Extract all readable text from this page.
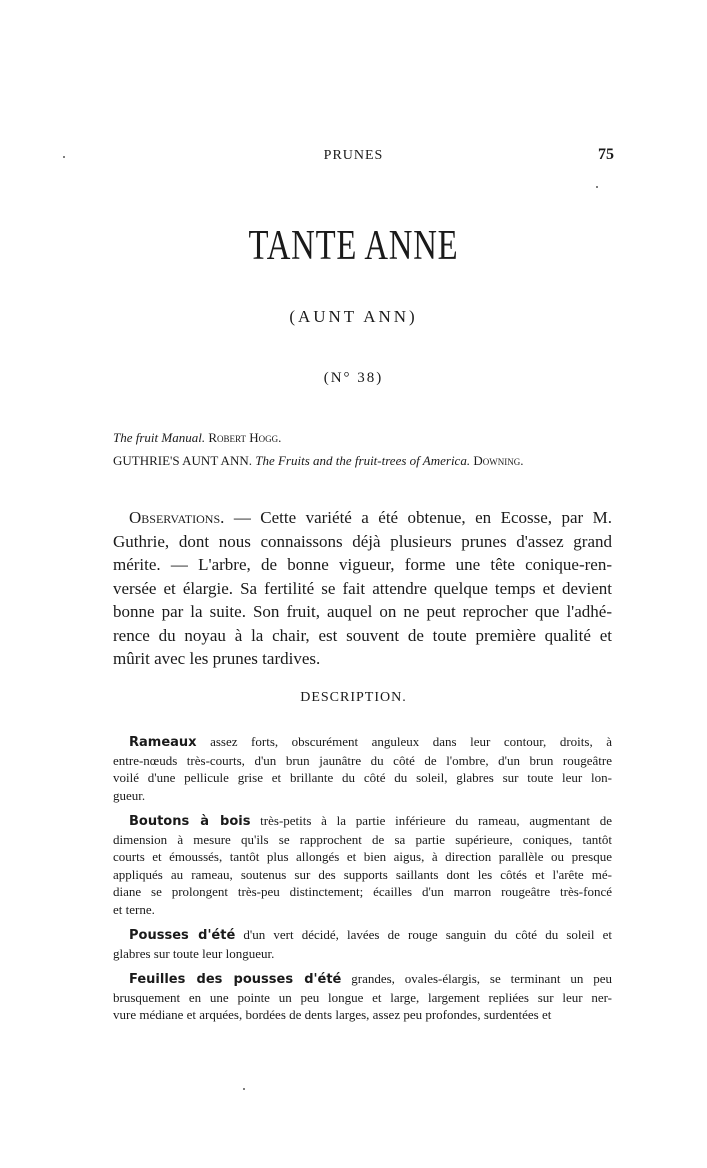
PRUNES	75
TANTE ANNE
(AUNT ANN)
(N° 38)
The fruit Manual. Robert Hogg.
GUTHRIE'S AUNT ANN. The Fruits and the fruit-trees of America. Downing.
Observations. — Cette variété a été obtenue, en Ecosse, par M.
Guthrie, dont nous connaissons déjà plusieurs prunes d'assez grand
mérite. — L'arbre, de bonne vigueur, forme une tête conique-ren-
versée et élargie. Sa fertilité se fait attendre quelque temps et devient
bonne par la suite. Son fruit, auquel on ne peut reprocher que l'adhé-
rence du noyau à la chair, est souvent de toute première qualité et
mûrit avec les prunes tardives.
DESCRIPTION.
Rameaux assez forts, obscurément anguleux dans leur contour, droits, à
entre-nœuds très-courts, d'un brun jaunâtre du côté de l'ombre, d'un brun rougeâtre
voilé d'une pellicule grise et brillante du côté du soleil, glabres sur toute leur lon-
gueur.
Boutons à bois très-petits à la partie inférieure du rameau, augmentant de
dimension à mesure qu'ils se rapprochent de sa partie supérieure, coniques, tantôt
courts et émoussés, tantôt plus allongés et bien aigus, à direction parallèle ou presque
appliqués au rameau, soutenus sur des supports saillants dont les côtés et l'arête mé-
diane se prolongent très-peu distinctement; écailles d'un marron rougeâtre très-foncé
et terne.
Pousses d'été d'un vert décidé, lavées de rouge sanguin du côté du soleil et
glabres sur toute leur longueur.
Feuilles des pousses d'été grandes, ovales-élargis, se terminant un peu
brusquement en une pointe un peu longue et large, largement repliées sur leur ner-
vure médiane et arquées, bordées de dents larges, assez peu profondes, surdentées et
